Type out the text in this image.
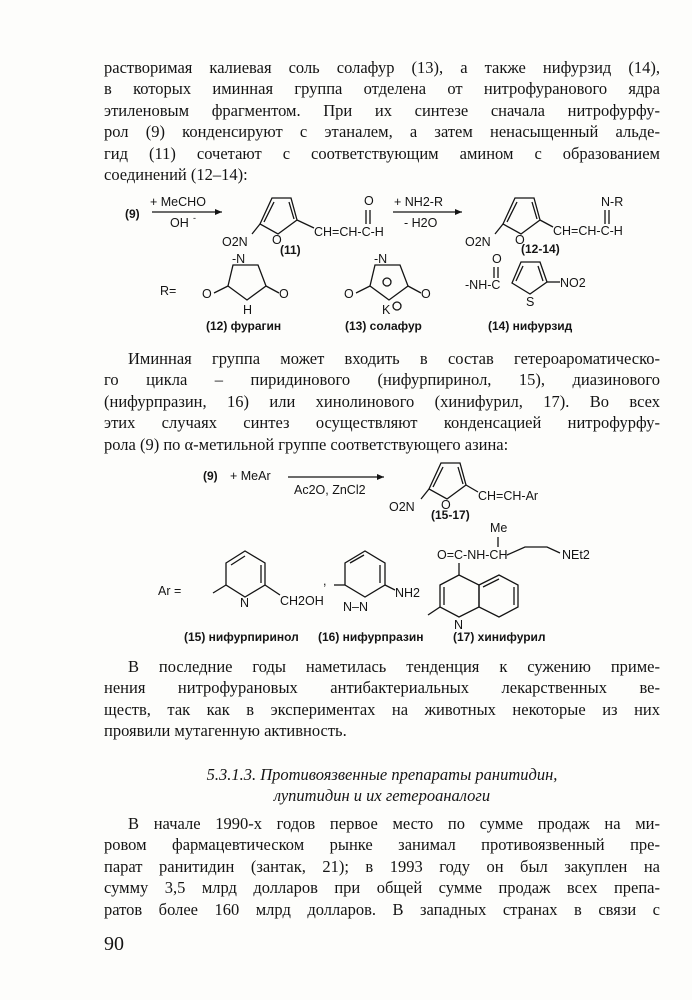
растворимая калиевая соль солафур (13), а также нифурзид (14),
в которых иминная группа отделена от нитрофуранового ядра
этиленовым фрагментом. При их синтезе сначала нитрофурфу-
рол (9) конденсируют с этаналем, а затем ненасыщенный альде-
гид (11) сочетают с соответствующим амином с образованием
соединений (12–14):

(9)
+ MeCHO
OH -
O
O2N
CH=CH-C-H
O
(11)
+ NH2-R
- H2O
O
O2N
CH=CH-C-H
N-R
(12-14)
R=
-N
O	O
H
-N
O	O
K
-NH-C
O
S
NO2
(12) фурагин	(13) солафур	(14) нифурзид

Иминная группа может входить в состав гетероароматическо-
го цикла – пиридинового (нифурпиринол, 15), диазинового
(нифурпразин, 16) или хинолинового (хинифурил, 17). Во всех
этих случаях синтез осуществляют конденсацией нитрофурфу-
рола (9) по α-метильной группе соответствующего азина:

(9) + MeAr
Ac2O, ZnCl2
O
O2N
CH=CH-Ar
(15-17)
Ar =
N CH2OH
,
N–N
NH2
Me
O=C-NH-CH	NEt2
N
(15) нифурпиринол (16) нифурпразин (17) хинифурил

В последние годы наметилась тенденция к сужению приме-
нения нитрофурановых антибактериальных лекарственных ве-
ществ, так как в экспериментах на животных некоторые из них
проявили мутагенную активность.

5.3.1.3. Противоязвенные препараты ранитидин,
лупитидин и их гетероаналоги

В начале 1990-х годов первое место по сумме продаж на ми-
ровом фармацевтическом рынке занимал противоязвенный пре-
парат ранитидин (зантак, 21); в 1993 году он был закуплен на
сумму 3,5 млрд долларов при общей сумме продаж всех препа-
ратов более 160 млрд долларов. В западных странах в связи с

90
